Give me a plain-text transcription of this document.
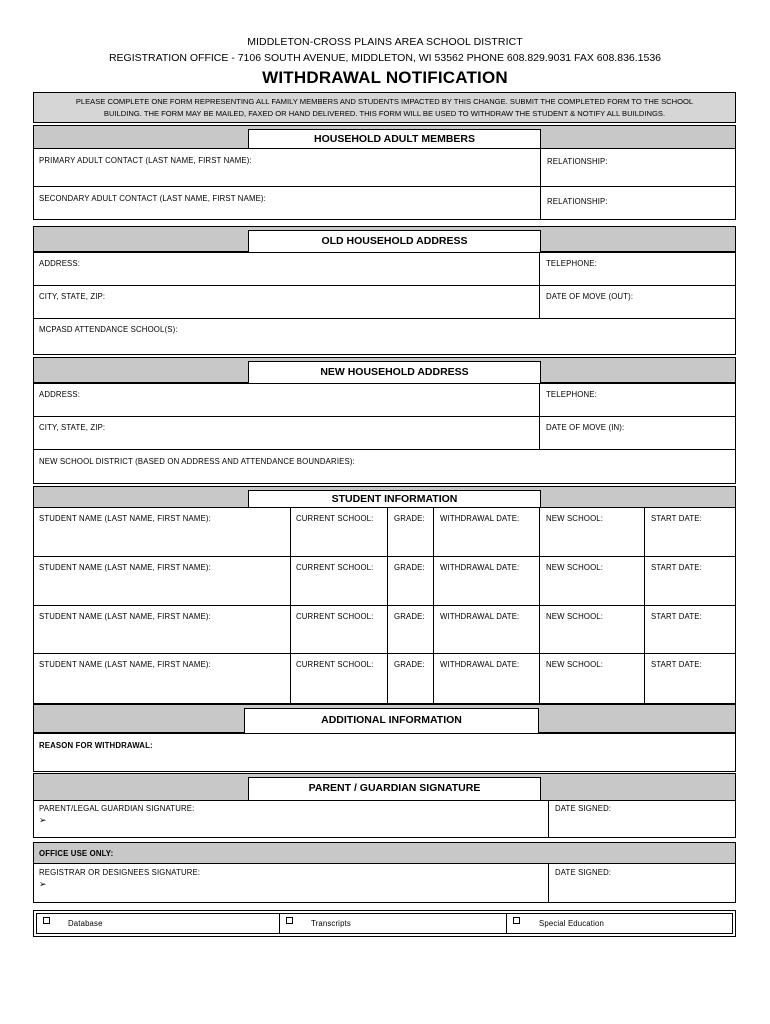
MIDDLETON-CROSS PLAINS AREA SCHOOL DISTRICT
REGISTRATION OFFICE - 7106 SOUTH AVENUE, MIDDLETON, WI 53562 PHONE 608.829.9031 FAX 608.836.1536
WITHDRAWAL NOTIFICATION
PLEASE COMPLETE ONE FORM REPRESENTING ALL FAMILY MEMBERS AND STUDENTS IMPACTED BY THIS CHANGE. SUBMIT THE COMPLETED FORM TO THE SCHOOL
BUILDING. THE FORM MAY BE MAILED, FAXED OR HAND DELIVERED. THIS FORM WILL BE USED TO WITHDRAW THE STUDENT & NOTIFY ALL BUILDINGS.
HOUSEHOLD ADULT MEMBERS
PRIMARY ADULT CONTACT (LAST NAME, FIRST NAME):	RELATIONSHIP:
SECONDARY ADULT CONTACT (LAST NAME, FIRST NAME):	RELATIONSHIP:
OLD HOUSEHOLD ADDRESS
ADDRESS:	TELEPHONE:
CITY, STATE, ZIP:	DATE OF MOVE (OUT):
MCPASD ATTENDANCE SCHOOL(S):
NEW HOUSEHOLD ADDRESS
ADDRESS:	TELEPHONE:
CITY, STATE, ZIP:	DATE OF MOVE (IN):
NEW SCHOOL DISTRICT (BASED ON ADDRESS AND ATTENDANCE BOUNDARIES):
STUDENT INFORMATION
STUDENT NAME (LAST NAME, FIRST NAME):	CURRENT SCHOOL:	GRADE: WITHDRAWAL DATE:	NEW SCHOOL:	START DATE:
STUDENT NAME (LAST NAME, FIRST NAME):	CURRENT SCHOOL:	GRADE: WITHDRAWAL DATE:	NEW SCHOOL:	START DATE:
STUDENT NAME (LAST NAME, FIRST NAME):	CURRENT SCHOOL:	GRADE: WITHDRAWAL DATE:	NEW SCHOOL:	START DATE:
STUDENT NAME (LAST NAME, FIRST NAME):	CURRENT SCHOOL:	GRADE: WITHDRAWAL DATE:	NEW SCHOOL:	START DATE:
ADDITIONAL INFORMATION
REASON FOR WITHDRAWAL:
PARENT / GUARDIAN SIGNATURE
PARENT/LEGAL GUARDIAN SIGNATURE:
➢
DATE SIGNED:
OFFICE USE ONLY:
REGISTRAR OR DESIGNEES SIGNATURE:
➢
DATE SIGNED:
Database	Transcripts	Special Education
